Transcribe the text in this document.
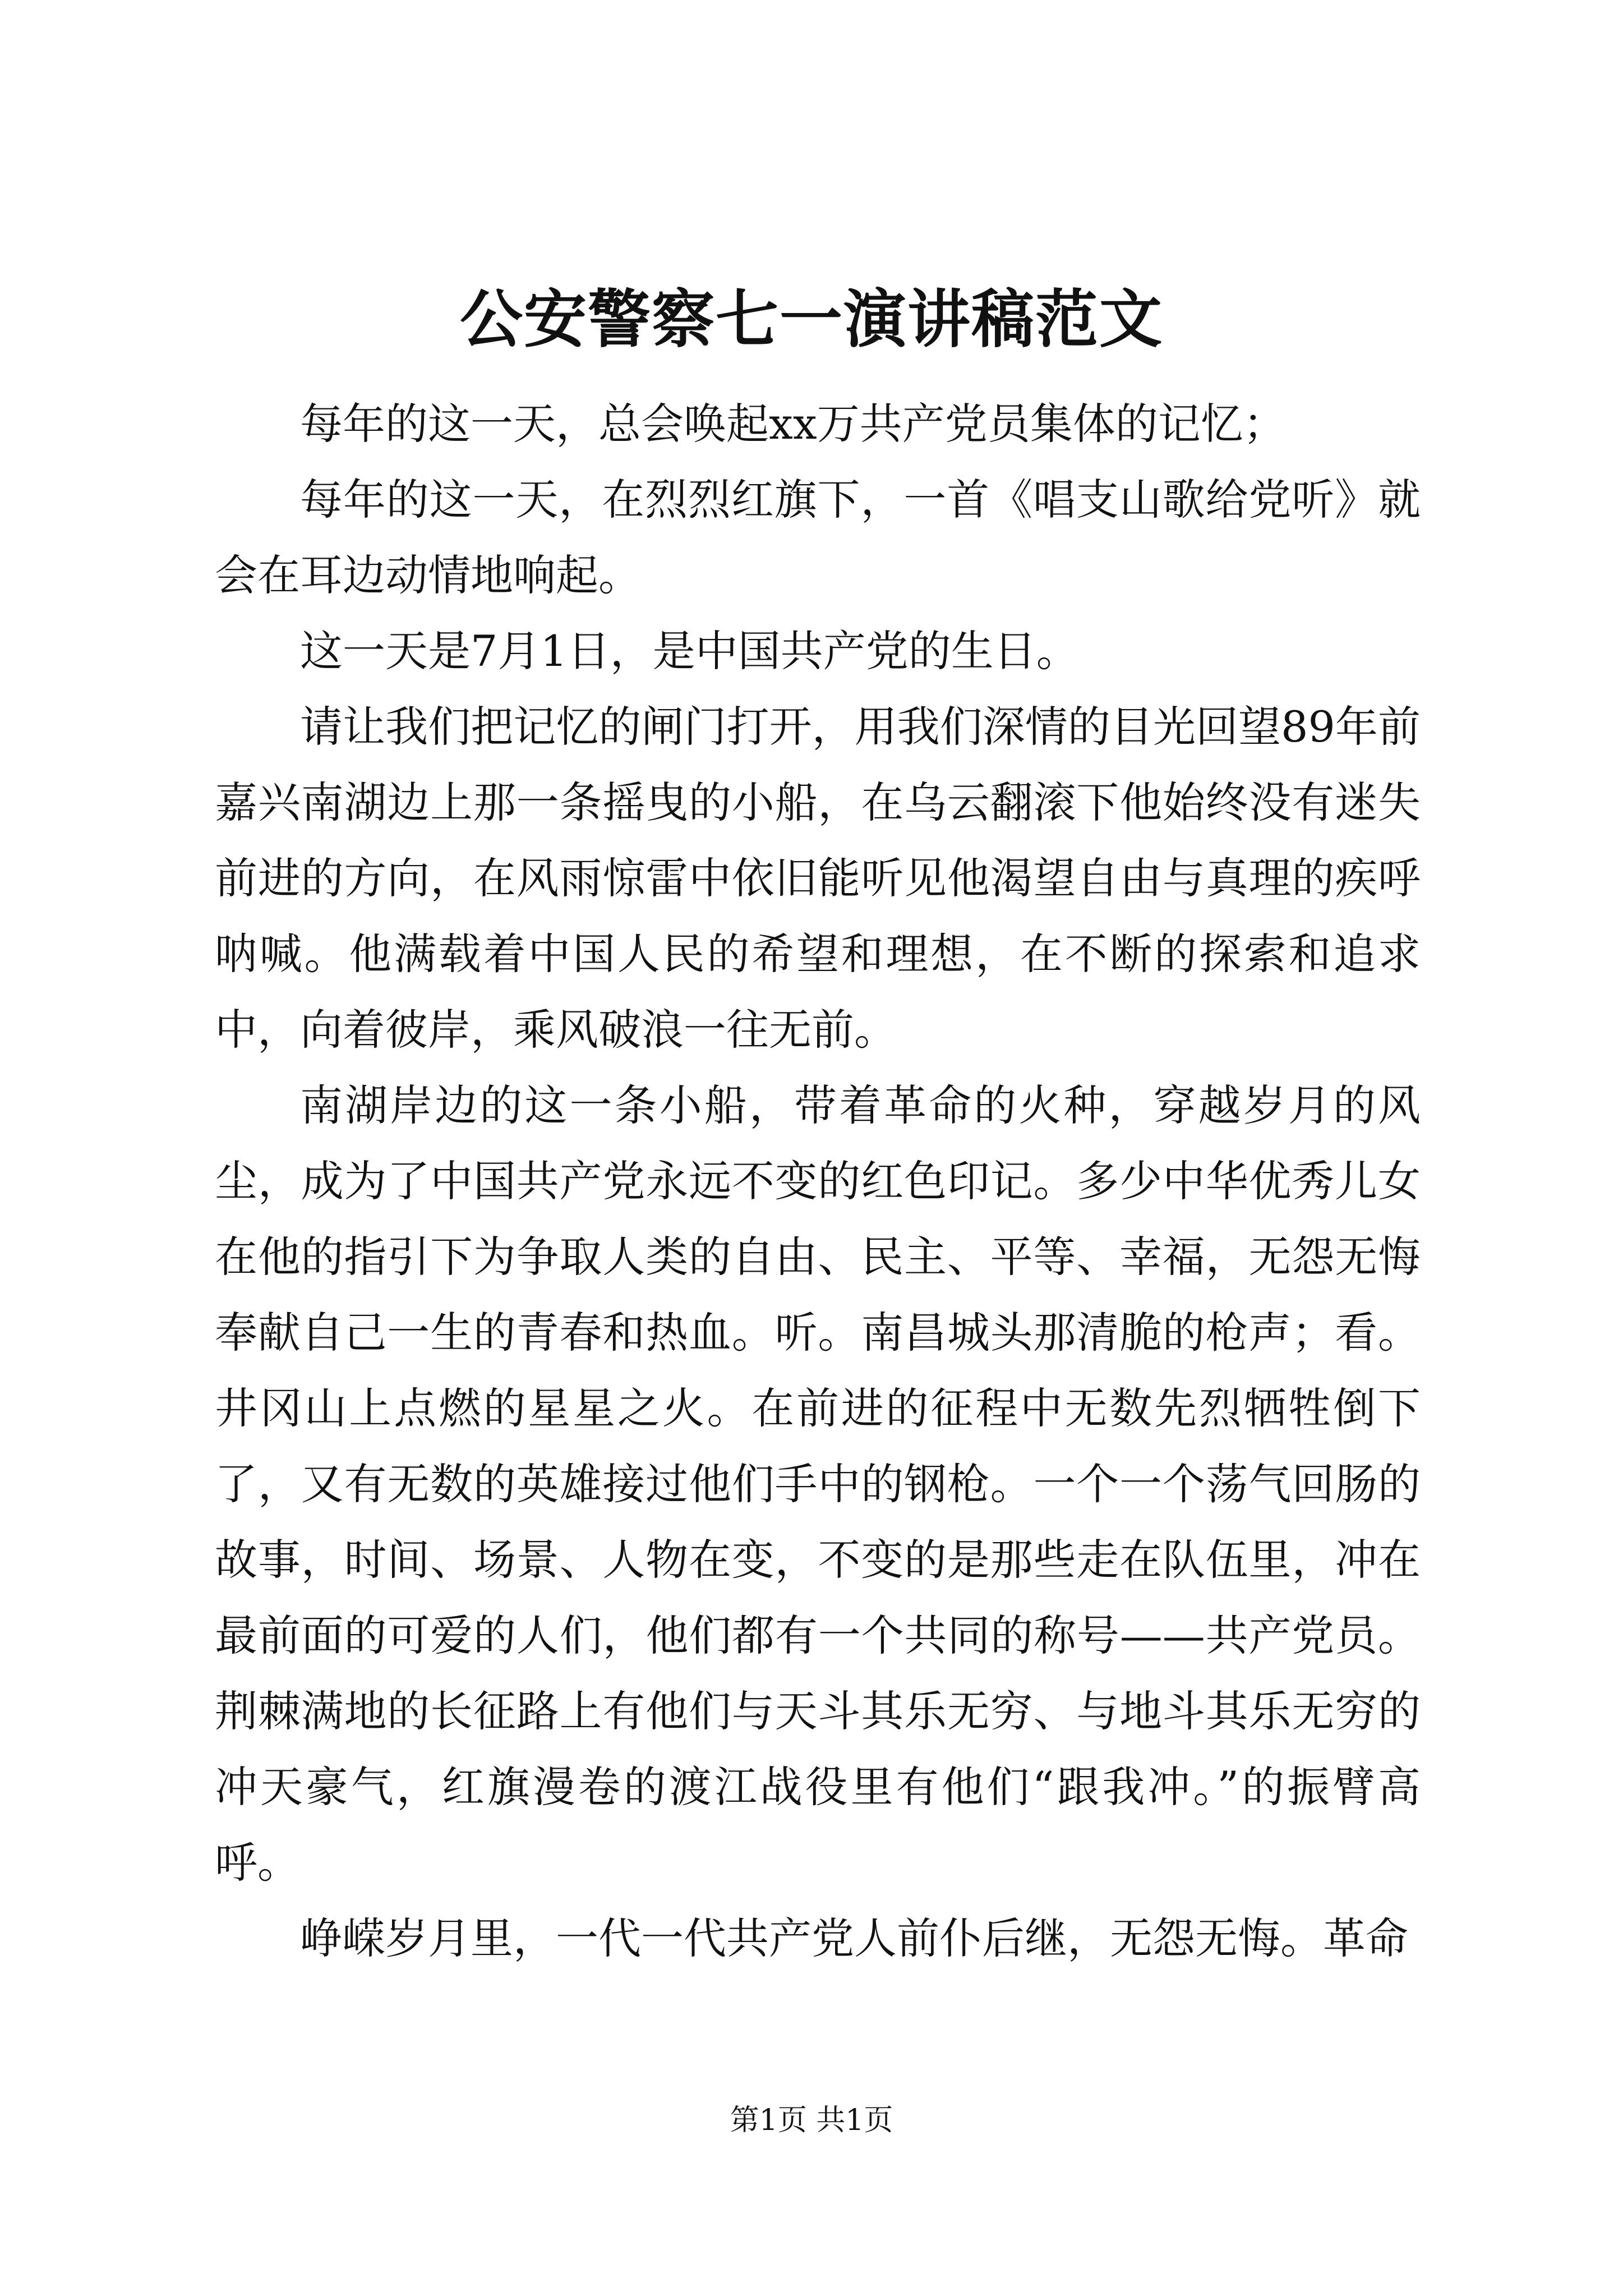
公安警察七一演讲稿范文

每年的这一天，总会唤起xx万共产党员集体的记忆；

每年的这一天，在烈烈红旗下，一首《唱支山歌给党听》就会在耳边动情地响起。

这一天是7月1日，是中国共产党的生日。

请让我们把记忆的闸门打开，用我们深情的目光回望89年前嘉兴南湖边上那一条摇曳的小船，在乌云翻滚下他始终没有迷失前进的方向，在风雨惊雷中依旧能听见他渴望自由与真理的疾呼呐喊。他满载着中国人民的希望和理想，在不断的探索和追求中，向着彼岸，乘风破浪一往无前。

南湖岸边的这一条小船，带着革命的火种，穿越岁月的风尘，成为了中国共产党永远不变的红色印记。多少中华优秀儿女在他的指引下为争取人类的自由、民主、平等、幸福，无怨无悔奉献自己一生的青春和热血。听。南昌城头那清脆的枪声；看。井冈山上点燃的星星之火。在前进的征程中无数先烈牺牲倒下了，又有无数的英雄接过他们手中的钢枪。一个一个荡气回肠的故事，时间、场景、人物在变，不变的是那些走在队伍里，冲在最前面的可爱的人们，他们都有一个共同的称号——共产党员。荆棘满地的长征路上有他们与天斗其乐无穷、与地斗其乐无穷的冲天豪气，红旗漫卷的渡江战役里有他们“跟我冲。”的振臂高呼。

峥嵘岁月里，一代一代共产党人前仆后继，无怨无悔。革命

第1页 共1页
